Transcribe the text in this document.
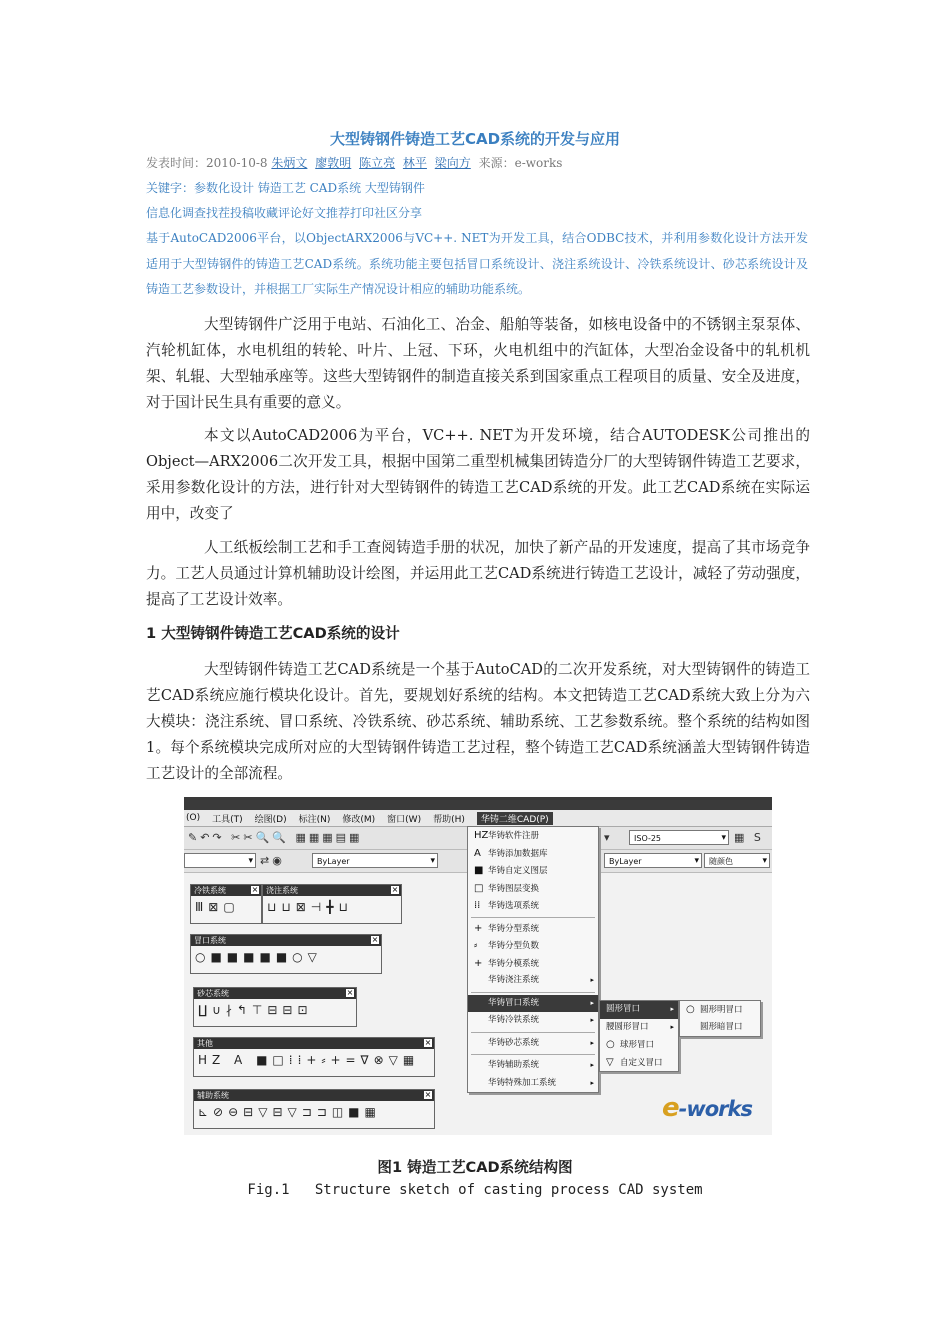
大型铸钢件铸造工艺CAD系统的开发与应用
发表时间：2010-10-8 朱炳文 廖敦明 陈立亮 林平 梁向方 来源：e-works
关键字：参数化设计 铸造工艺 CAD系统 大型铸钢件
信息化调查找茬投稿收藏评论好文推荐打印社区分享
基于AutoCAD2006平台，以ObjectARX2006与VC++. NET为开发工具，结合ODBC技术，并利用参数化设计方法开发适用于大型铸钢件的铸造工艺CAD系统。系统功能主要包括冒口系统设计、浇注系统设计、冷铁系统设计、砂芯系统设计及铸造工艺参数设计，并根据工厂实际生产情况设计相应的辅助功能系统。

大型铸钢件广泛用于电站、石油化工、冶金、船舶等装备，如核电设备中的不锈钢主泵泵体、汽轮机缸体，水电机组的转轮、叶片、上冠、下环，火电机组中的汽缸体，大型冶金设备中的轧机机架、轧辊、大型轴承座等。这些大型铸钢件的制造直接关系到国家重点工程项目的质量、安全及进度，对于国计民生具有重要的意义。

本文以AutoCAD2006为平台，VC++. NET为开发环境，结合AUTODESK公司推出的Object—ARX2006二次开发工具，根据中国第二重型机械集团铸造分厂的大型铸钢件铸造工艺要求，采用参数化设计的方法，进行针对大型铸钢件的铸造工艺CAD系统的开发。此工艺CAD系统在实际运用中，改变了

人工纸板绘制工艺和手工查阅铸造手册的状况，加快了新产品的开发速度，提高了其市场竞争力。工艺人员通过计算机辅助设计绘图，并运用此工艺CAD系统进行铸造工艺设计，减轻了劳动强度，提高了工艺设计效率。

1 大型铸钢件铸造工艺CAD系统的设计

大型铸钢件铸造工艺CAD系统是一个基于AutoCAD的二次开发系统，对大型铸钢件的铸造工艺CAD系统应施行模块化设计。首先，要规划好系统的结构。本文把铸造工艺CAD系统大致上分为六大模块：浇注系统、冒口系统、冷铁系统、砂芯系统、辅助系统、工艺参数系统。整个系统的结构如图1。每个系统模块完成所对应的大型铸钢件铸造工艺过程，整个铸造工艺CAD系统涵盖大型铸钢件铸造工艺设计的全部流程。

(O) 工具(T) 绘图(D) 标注(N) 修改(M) 窗口(W) 帮助(H)	华铸二维CAD(P)
✎↶↷ ✂✂🔍🔍 ▦▦▦▤▦	▾	ISO-25 ▾	▦ S
▾
⇄◉	ByLayer ▾	ByLayer ▾	随颜色 ▾
冷铁系统	×
Ⅲ⊠▢
浇注系统	×
⊔⊔⊠⊣╋⊔
冒口系统	×
○■■■■■○▽
砂芯系统	×
∐∪∤↰⊤⊟⊟⊡
其他	×
HZ A ■□⁞⁞+⸗+=∇⊗▽▦
辅助系统	×
⊾⊘⊖⊟▽⊟▽⊐⊐◫■▦
HZ华铸软件注册
A 华铸添加数据库
■ 华铸自定义图层
□ 华铸图层变换
⁞⁞ 华铸选项系统
+ 华铸分型系统
⸗ 华铸分型负数
+ 华铸分模系统
华铸浇注系统	▸
华铸冒口系统	▸
华铸冷铁系统	▸
华铸砂芯系统	▸
华铸辅助系统	▸
华铸特殊加工系统	▸
圆形冒口	▸
腰圆形冒口	▸
○ 球形冒口
▽ 自定义冒口
○ 圆形明冒口
圆形暗冒口
e-works
图1 铸造工艺CAD系统结构图
Fig.1   Structure sketch of casting process CAD system
